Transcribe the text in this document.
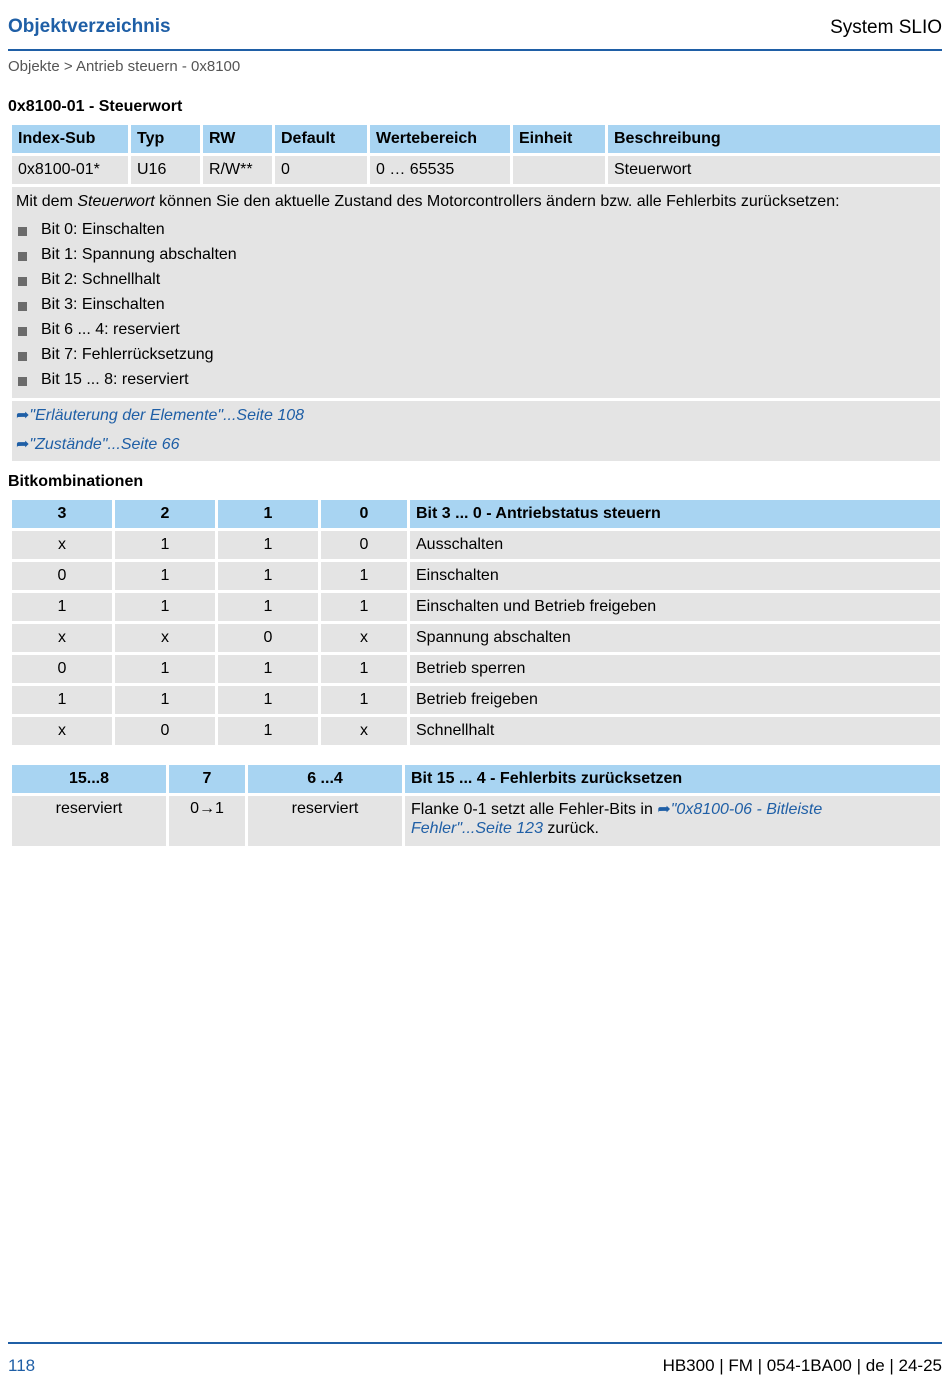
Objektverzeichnis	System SLIO
Objekte > Antrieb steuern - 0x8100
0x8100-01 - Steuerwort
Index-Sub	Typ	RW	Default	Wertebereich	Einheit	Beschreibung
0x8100-01*	U16	R/W**	0	0 … 65535		Steuerwort
Mit dem Steuerwort können Sie den aktuelle Zustand des Motorcontrollers ändern bzw. alle Fehlerbits zurücksetzen:
Bit 0: Einschalten
Bit 1: Spannung abschalten
Bit 2: Schnellhalt
Bit 3: Einschalten
Bit 6 ... 4: reserviert
Bit 7: Fehlerrücksetzung
Bit 15 ... 8: reserviert
➦"Erläuterung der Elemente"...Seite 108
➦"Zustände"...Seite 66
Bitkombinationen
3	2	1	0	Bit 3 ... 0 - Antriebstatus steuern
x	1	1	0	Ausschalten
0	1	1	1	Einschalten
1	1	1	1	Einschalten und Betrieb freigeben
x	x	0	x	Spannung abschalten
0	1	1	1	Betrieb sperren
1	1	1	1	Betrieb freigeben
x	0	1	x	Schnellhalt
15...8	7	6 ...4	Bit 15 ... 4 - Fehlerbits zurücksetzen
reserviert	0→1	reserviert	Flanke 0-1 setzt alle Fehler-Bits in ➦"0x8100-06 - Bitleiste
Fehler"...Seite 123 zurück.
118	HB300 | FM | 054-1BA00 | de | 24-25
